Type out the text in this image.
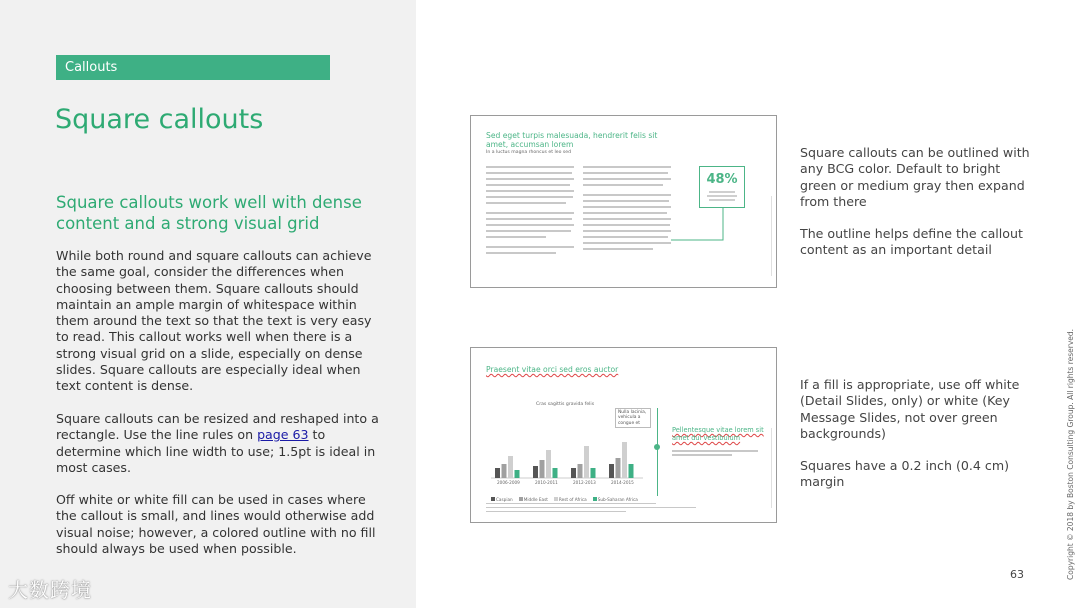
Callouts
Square callouts
Square callouts work well with dense content and a strong visual grid
While both round and square callouts can achieve the same goal, consider the differences when choosing between them. Square callouts should maintain an ample margin of whitespace within them around the text so that the text is very easy to read. This callout works well when there is a strong visual grid on a slide, especially on dense slides. Square callouts are especially ideal when text content is dense.
Square callouts can be resized and reshaped into a rectangle. Use the line rules on page 63 to determine which line width to use; 1.5pt is ideal in most cases.
Off white or white fill can be used in cases where the callout is small, and lines would otherwise add visual noise; however, a colored outline with no fill should always be used when possible.
大数跨境
Sed eget turpis malesuada, hendrerit felis sit amet, accumsan lorem
In a luctus magna rhoncus et leo sed
48%
Praesent vitae orci sed eros auctor
Cras sagittis gravida felis
Nulla lacinia, vehicula a congue et
2006-2009	2010-2011	2012-2013	2014-2015
Caspian	Middle East	Rest of Africa	Sub-Saharan Africa
Pellentesque vitae lorem sit amet dui vestibulum
Square callouts can be outlined with any BCG color. Default to bright green or medium gray then expand from there
The outline helps define the callout content as an important detail
If a fill is appropriate, use off white (Detail Slides, only) or white (Key Message Slides, not over green backgrounds)
Squares have a 0.2 inch (0.4 cm) margin
63	Copyright © 2018 by Boston Consulting Group. All rights reserved.
